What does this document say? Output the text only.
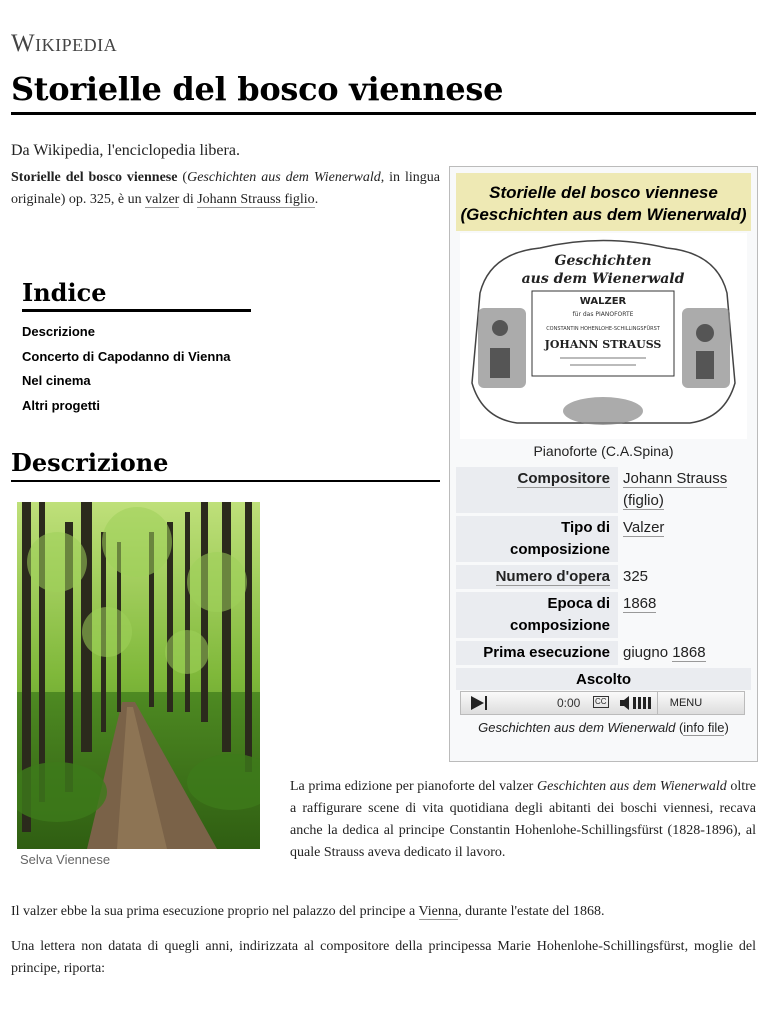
Wikipedia
Storielle del bosco viennese
Da Wikipedia, l'enciclopedia libera.
Storielle del bosco viennese (Geschichten aus dem Wienerwald, in lingua originale) op. 325, è un valzer di Johann Strauss figlio.
Indice
Descrizione
Concerto di Capodanno di Vienna
Nel cinema
Altri progetti
Descrizione
Selva Viennese
Storielle del bosco viennese (Geschichten aus dem Wienerwald)
Geschichten
aus dem Wienerwald
WALZER
für das PIANOFORTE
CONSTANTIN HOHENLOHE-SCHILLINGSFÜRST
JOHANN STRAUSS
Pianoforte (C.A.Spina)
Compositore	Johann Strauss (figlio)
Tipo di composizione	Valzer
Numero d'opera	325
Epoca di composizione	1868
Prima esecuzione	giugno 1868
Ascolto
0:00 CC	MENU
Geschichten aus dem Wienerwald (info file)
La prima edizione per pianoforte del valzer Geschichten aus dem Wienerwald oltre a raffigurare scene di vita quotidiana degli abitanti dei boschi viennesi, recava anche la dedica al principe Constantin Hohenlohe-Schillingsfürst (1828-1896), al quale Strauss aveva dedicato il lavoro.
Il valzer ebbe la sua prima esecuzione proprio nel palazzo del principe a Vienna, durante l'estate del 1868.
Una lettera non datata di quegli anni, indirizzata al compositore della principessa Marie Hohenlohe-Schillingsfürst, moglie del principe, riporta:
